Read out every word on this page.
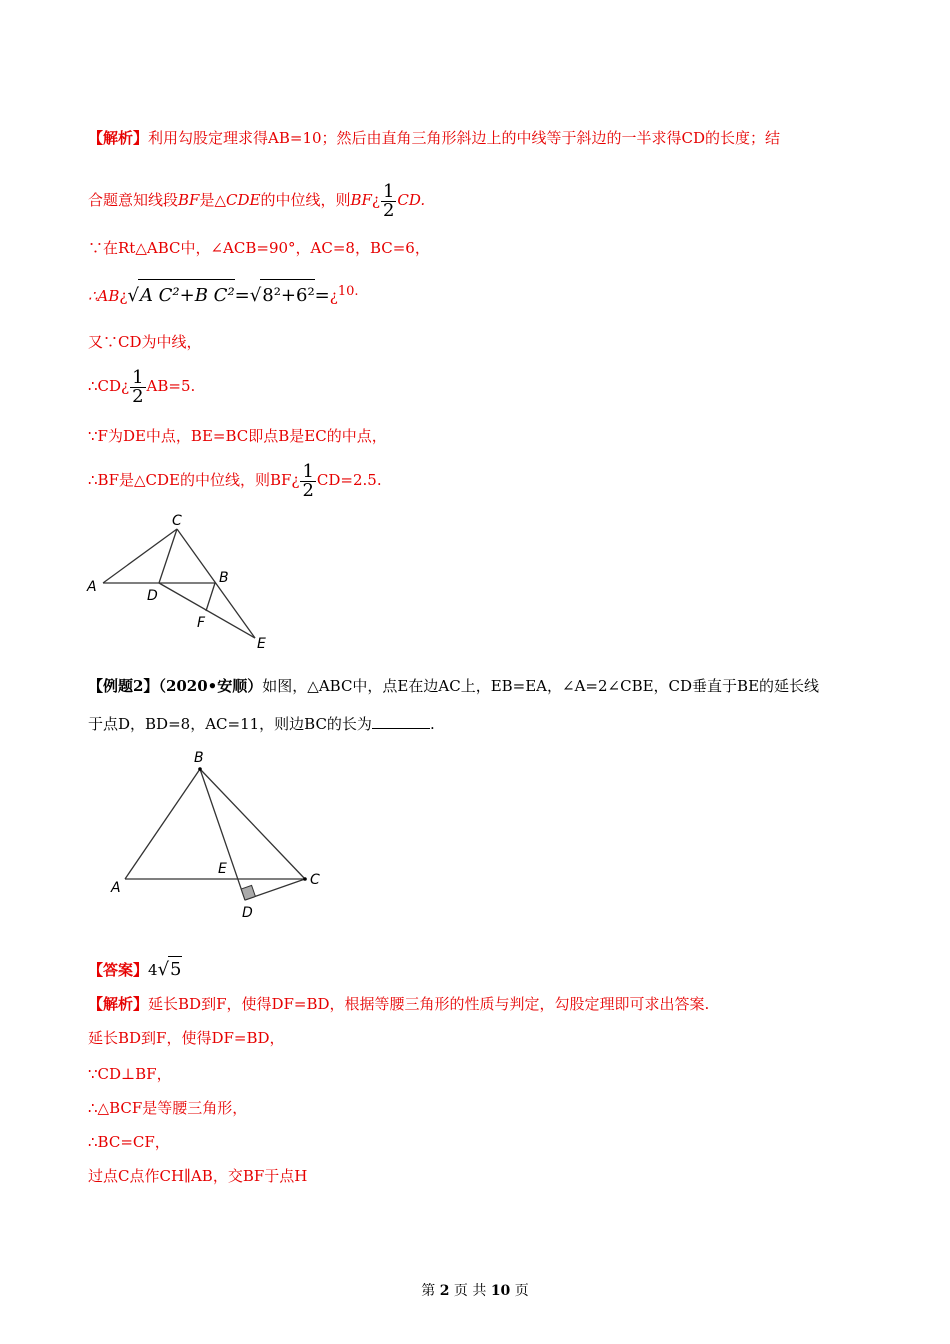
【解析】利用勾股定理求得AB=10；然后由直角三角形斜边上的中线等于斜边的一半求得CD的长度；结
合题意知线段BF是△CDE的中位线，则BF¿ $\frac{1}{2}$ CD.
∵在Rt△ABC中，∠ACB=90°，AC=8，BC=6，
∴AB¿√A C²+B C²=√8²+6²=¿10.
又∵CD为中线，
∴CD¿ $\frac{1}{2} AB=5$.
∵F为DE中点，BE=BC即点B是EC的中点，
∴BF是△CDE的中位线，则BF¿ $\frac{1}{2} CD=2.5$.
C
A
D
B
F
E
【例题2】（2020•安顺）如图，△ABC中，点E在边AC上，EB=EA，∠A=2∠CBE，CD垂直于BE的延长线
于点D，BD=8，AC=11，则边BC的长为	.
B
A
E
C
D
【答案】4√5
【解析】延长BD到F，使得DF=BD，根据等腰三角形的性质与判定，勾股定理即可求出答案.
延长BD到F，使得DF=BD，
∵CD⊥BF，
∴△BCF是等腰三角形，
∴BC=CF，
过点C点作CH∥AB，交BF于点H
第 2 页 共 10 页
